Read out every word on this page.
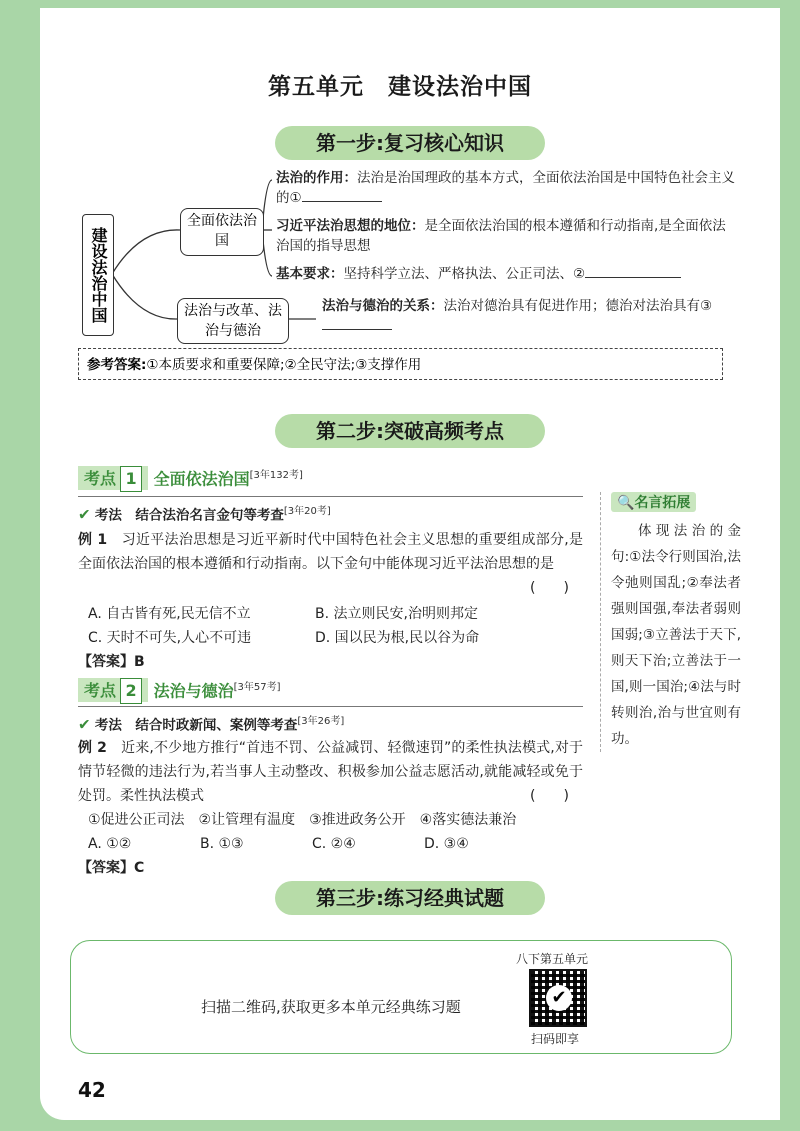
第五单元　建设法治中国
第一步:复习核心知识
建设法治中国
全面依法治国
法治与改革、法治与德治
法治的作用：法治是治国理政的基本方式，全面依法治国是中国特色社会主义的①
习近平法治思想的地位：是全面依法治国的根本遵循和行动指南,是全面依法治国的指导思想
基本要求：坚持科学立法、严格执法、公正司法、②
法治与德治的关系：法治对德治具有促进作用；德治对法治具有③
参考答案:①本质要求和重要保障;②全民守法;③支撑作用
第二步:突破高频考点
考点 1 全面依法治国[3年132考]
✔ 考法　 结合法治名言金句等考查[3年20考]
例 1　 习近平法治思想是习近平新时代中国特色社会主义思想的重要组成部分,是全面依法治国的根本遵循和行动指南。以下金句中能体现习近平法治思想的是
(　　)
A. 自古皆有死,民无信不立	B. 法立则民安,治明则邦定
C. 天时不可失,人心不可违	D. 国以民为根,民以谷为命
【答案】B
考点 2 法治与德治[3年57考]
✔ 考法　 结合时政新闻、案例等考查[3年26考]
例 2　 近来,不少地方推行“首违不罚、公益减罚、轻微速罚”的柔性执法模式,对于情节轻微的违法行为,若当事人主动整改、积极参加公益志愿活动,就能减轻或免于处罚。柔性执法模式	(　　)
①促进公正司法　②让管理有温度　③推进政务公开　④落实德法兼治
A. ①②	B. ①③	C. ②④	D. ③④
【答案】C
🔍名言拓展
体现法治的金句:①法令行则国治,法令弛则国乱;②奉法者强则国强,奉法者弱则国弱;③立善法于天下,则天下治;立善法于一国,则一国治;④法与时转则治,治与世宜则有功。
第三步:练习经典试题
扫描二维码,获取更多本单元经典练习题
八下第五单元
✔
扫码即享
42
